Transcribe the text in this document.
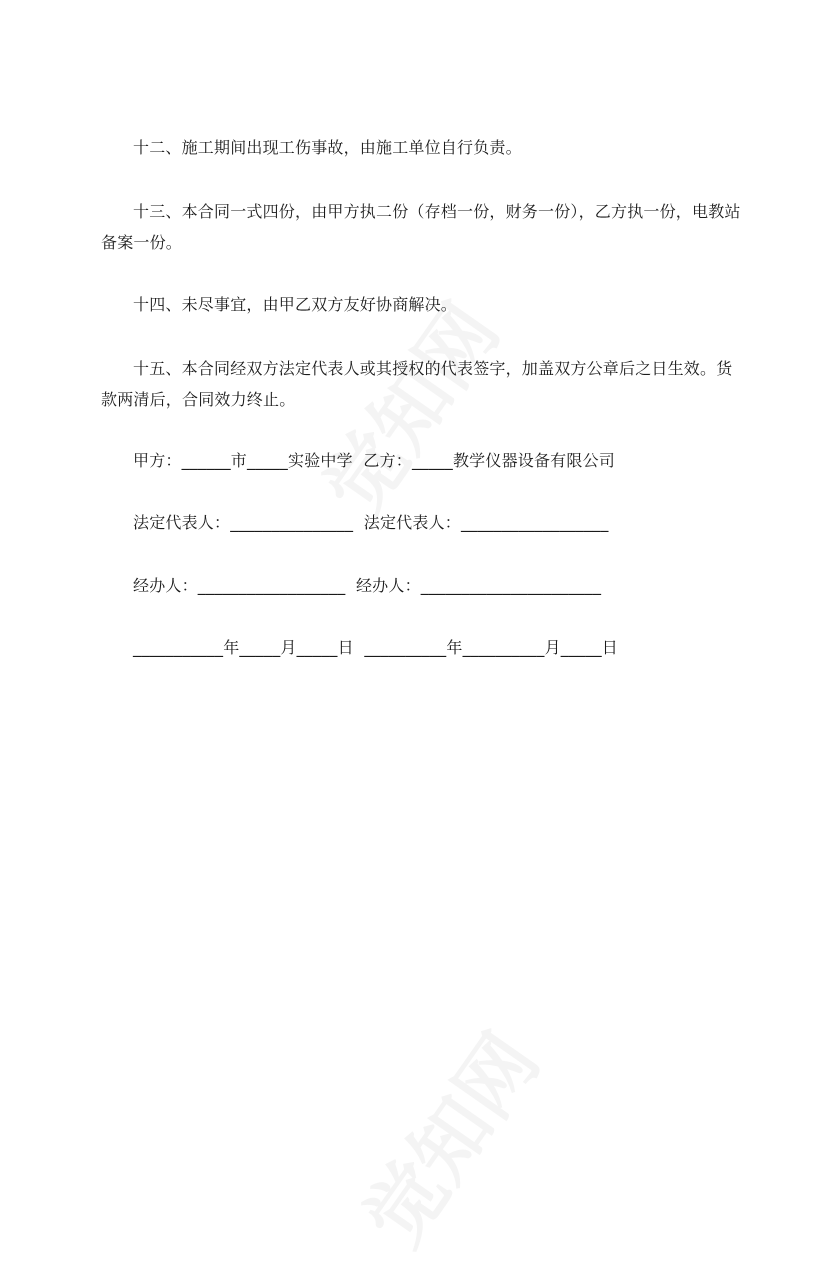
十二、施工期间出现工伤事故，由施工单位自行负责。
十三、本合同一式四份，由甲方执二份（存档一份，财务一份），乙方执一份，电教站备案一份。
十四、未尽事宜，由甲乙双方友好协商解决。
十五、本合同经双方法定代表人或其授权的代表签字，加盖双方公章后之日生效。货款两清后，合同效力终止。
甲方：______市_____实验中学  乙方：_____教学仪器设备有限公司
法定代表人：_______________  法定代表人：__________________
经办人：__________________  经办人：______________________
___________年_____月_____日  __________年__________月_____日
